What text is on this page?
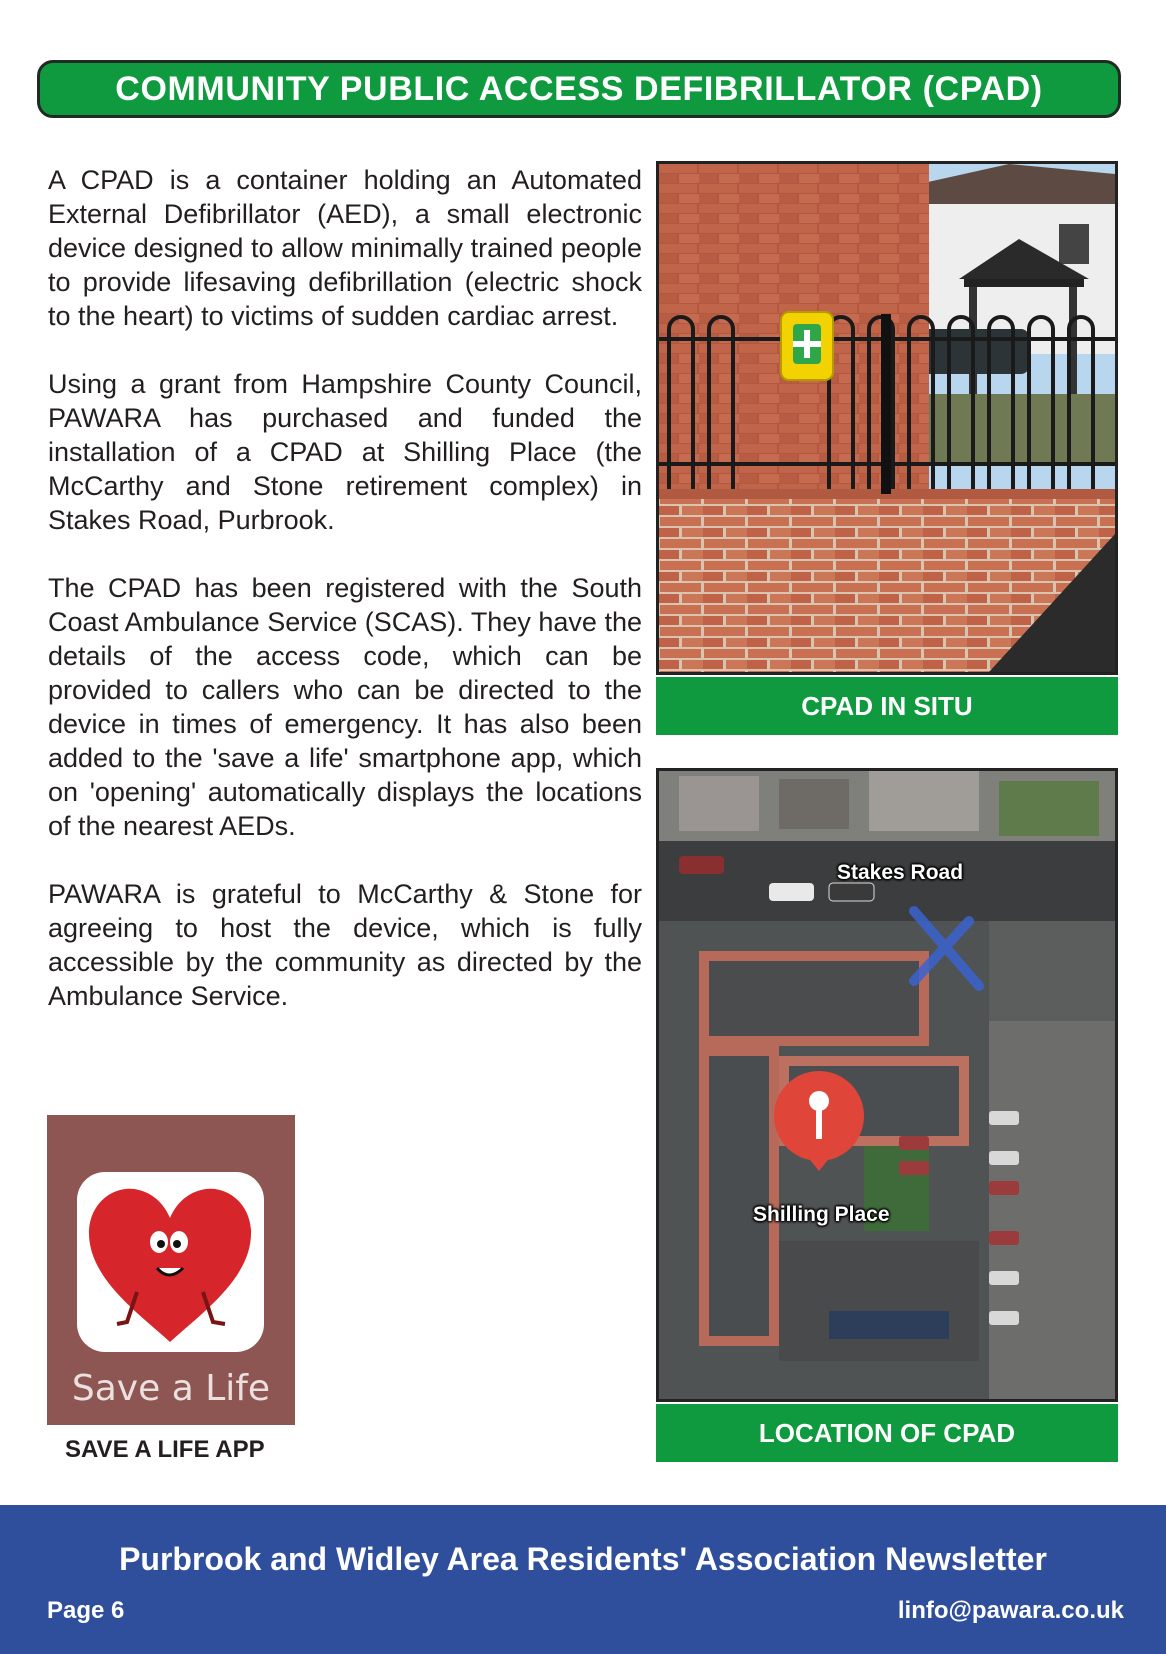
COMMUNITY PUBLIC ACCESS DEFIBRILLATOR (CPAD)

A CPAD is a container holding an Automated External Defibrillator (AED), a small electronic device designed to allow minimally trained people to provide lifesaving defibrillation (electric shock to the heart) to victims of sudden cardiac arrest.

Using a grant from Hampshire County Council, PAWARA has purchased and funded the installation of a CPAD at Shilling Place (the McCarthy and Stone retirement complex) in Stakes Road, Purbrook.

The CPAD has been registered with the South Coast Ambulance Service (SCAS). They have the details of the access code, which can be provided to callers who can be directed to the device in times of emergency. It has also been added to the 'save a life' smartphone app, which on 'opening' automatically displays the locations of the nearest AEDs.

PAWARA is grateful to McCarthy & Stone for agreeing to host the device, which is fully accessible by the community as directed by the Ambulance Service.

CPAD IN SITU
Stakes Road
Shilling Place
LOCATION OF CPAD
Save a Life
SAVE A LIFE APP
Purbrook and Widley Area Residents' Association Newsletter
Page 6	linfo@pawara.co.uk
